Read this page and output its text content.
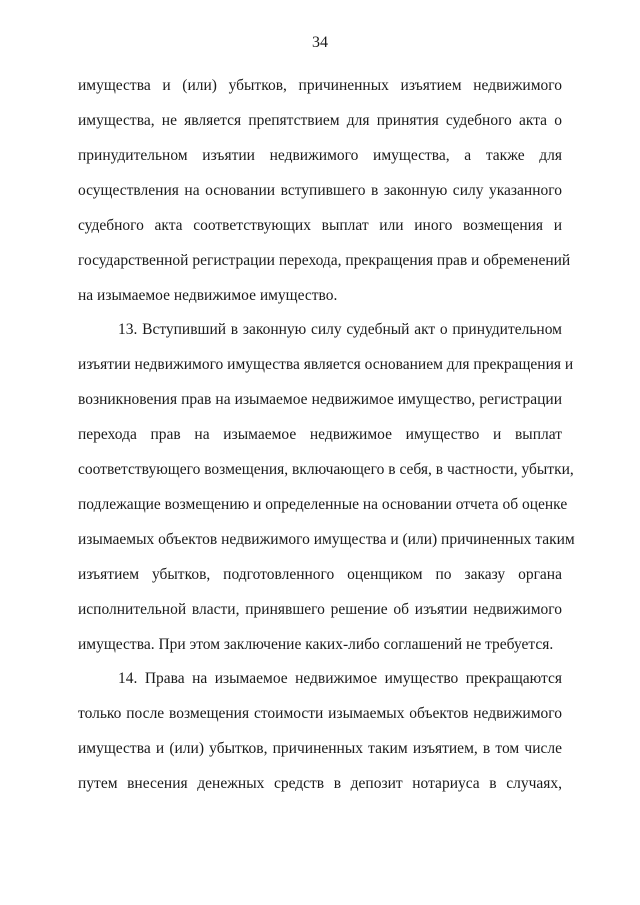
34
имущества и (или) убытков, причиненных изъятием недвижимого
имущества, не является препятствием для принятия судебного акта о
принудительном изъятии недвижимого имущества, а также для
осуществления на основании вступившего в законную силу указанного
судебного акта соответствующих выплат или иного возмещения и
государственной регистрации перехода, прекращения прав и обременений
на изымаемое недвижимое имущество.
13. Вступивший в законную силу судебный акт о принудительном
изъятии недвижимого имущества является основанием для прекращения и
возникновения прав на изымаемое недвижимое имущество, регистрации
перехода прав на изымаемое недвижимое имущество и выплат
соответствующего возмещения, включающего в себя, в частности, убытки,
подлежащие возмещению и определенные на основании отчета об оценке
изымаемых объектов недвижимого имущества и (или) причиненных таким
изъятием убытков, подготовленного оценщиком по заказу органа
исполнительной власти, принявшего решение об изъятии недвижимого
имущества. При этом заключение каких-либо соглашений не требуется.
14. Права на изымаемое недвижимое имущество прекращаются
только после возмещения стоимости изымаемых объектов недвижимого
имущества и (или) убытков, причиненных таким изъятием, в том числе
путем внесения денежных средств в депозит нотариуса в случаях,
